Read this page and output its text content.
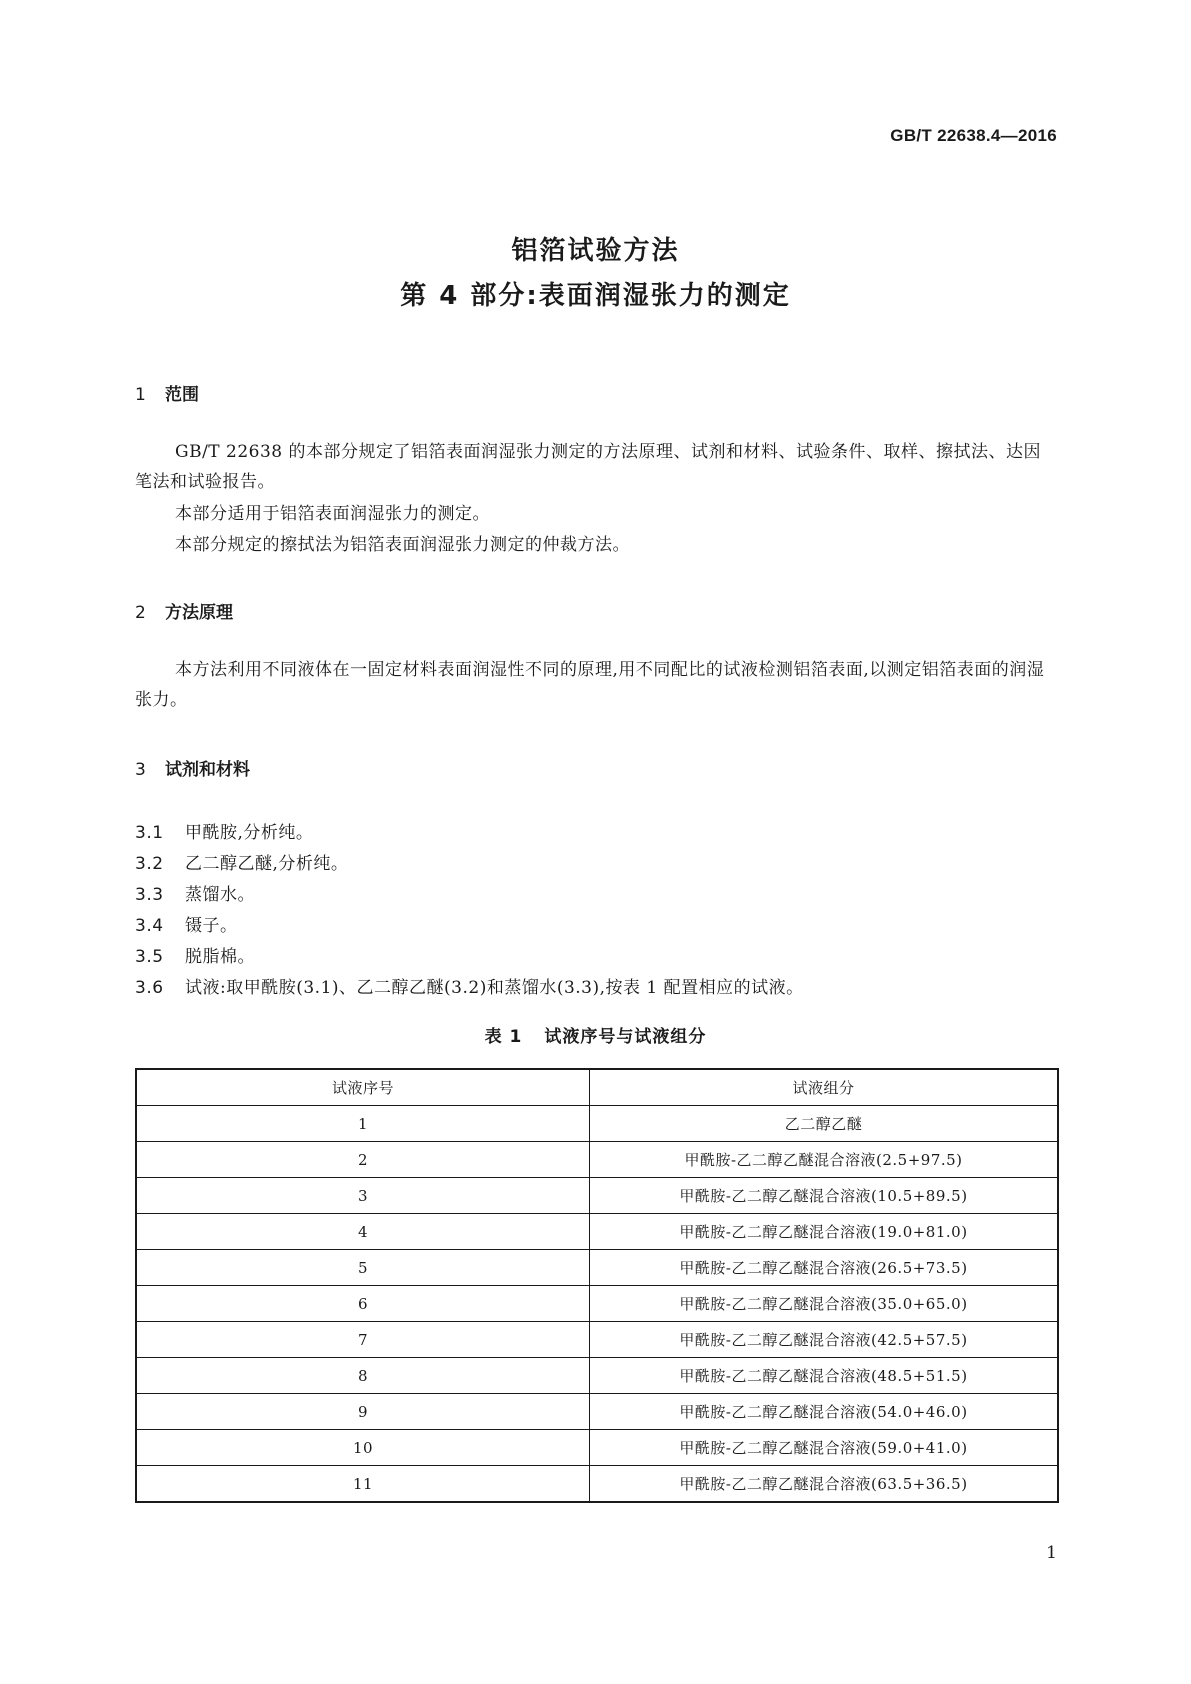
GB/T 22638.4—2016
铝箔试验方法
第 4 部分:表面润湿张力的测定
1 范围
GB/T 22638 的本部分规定了铝箔表面润湿张力测定的方法原理、试剂和材料、试验条件、取样、擦拭法、达因笔法和试验报告。
本部分适用于铝箔表面润湿张力的测定。
本部分规定的擦拭法为铝箔表面润湿张力测定的仲裁方法。
2 方法原理
本方法利用不同液体在一固定材料表面润湿性不同的原理,用不同配比的试液检测铝箔表面,以测定铝箔表面的润湿张力。
3 试剂和材料
3.1 甲酰胺,分析纯。
3.2 乙二醇乙醚,分析纯。
3.3 蒸馏水。
3.4 镊子。
3.5 脱脂棉。
3.6 试液:取甲酰胺(3.1)、乙二醇乙醚(3.2)和蒸馏水(3.3),按表 1 配置相应的试液。
表 1 试液序号与试液组分
试液序号	试液组分
1	乙二醇乙醚
2	甲酰胺-乙二醇乙醚混合溶液(2.5+97.5)
3	甲酰胺-乙二醇乙醚混合溶液(10.5+89.5)
4	甲酰胺-乙二醇乙醚混合溶液(19.0+81.0)
5	甲酰胺-乙二醇乙醚混合溶液(26.5+73.5)
6	甲酰胺-乙二醇乙醚混合溶液(35.0+65.0)
7	甲酰胺-乙二醇乙醚混合溶液(42.5+57.5)
8	甲酰胺-乙二醇乙醚混合溶液(48.5+51.5)
9	甲酰胺-乙二醇乙醚混合溶液(54.0+46.0)
10	甲酰胺-乙二醇乙醚混合溶液(59.0+41.0)
11	甲酰胺-乙二醇乙醚混合溶液(63.5+36.5)
1
